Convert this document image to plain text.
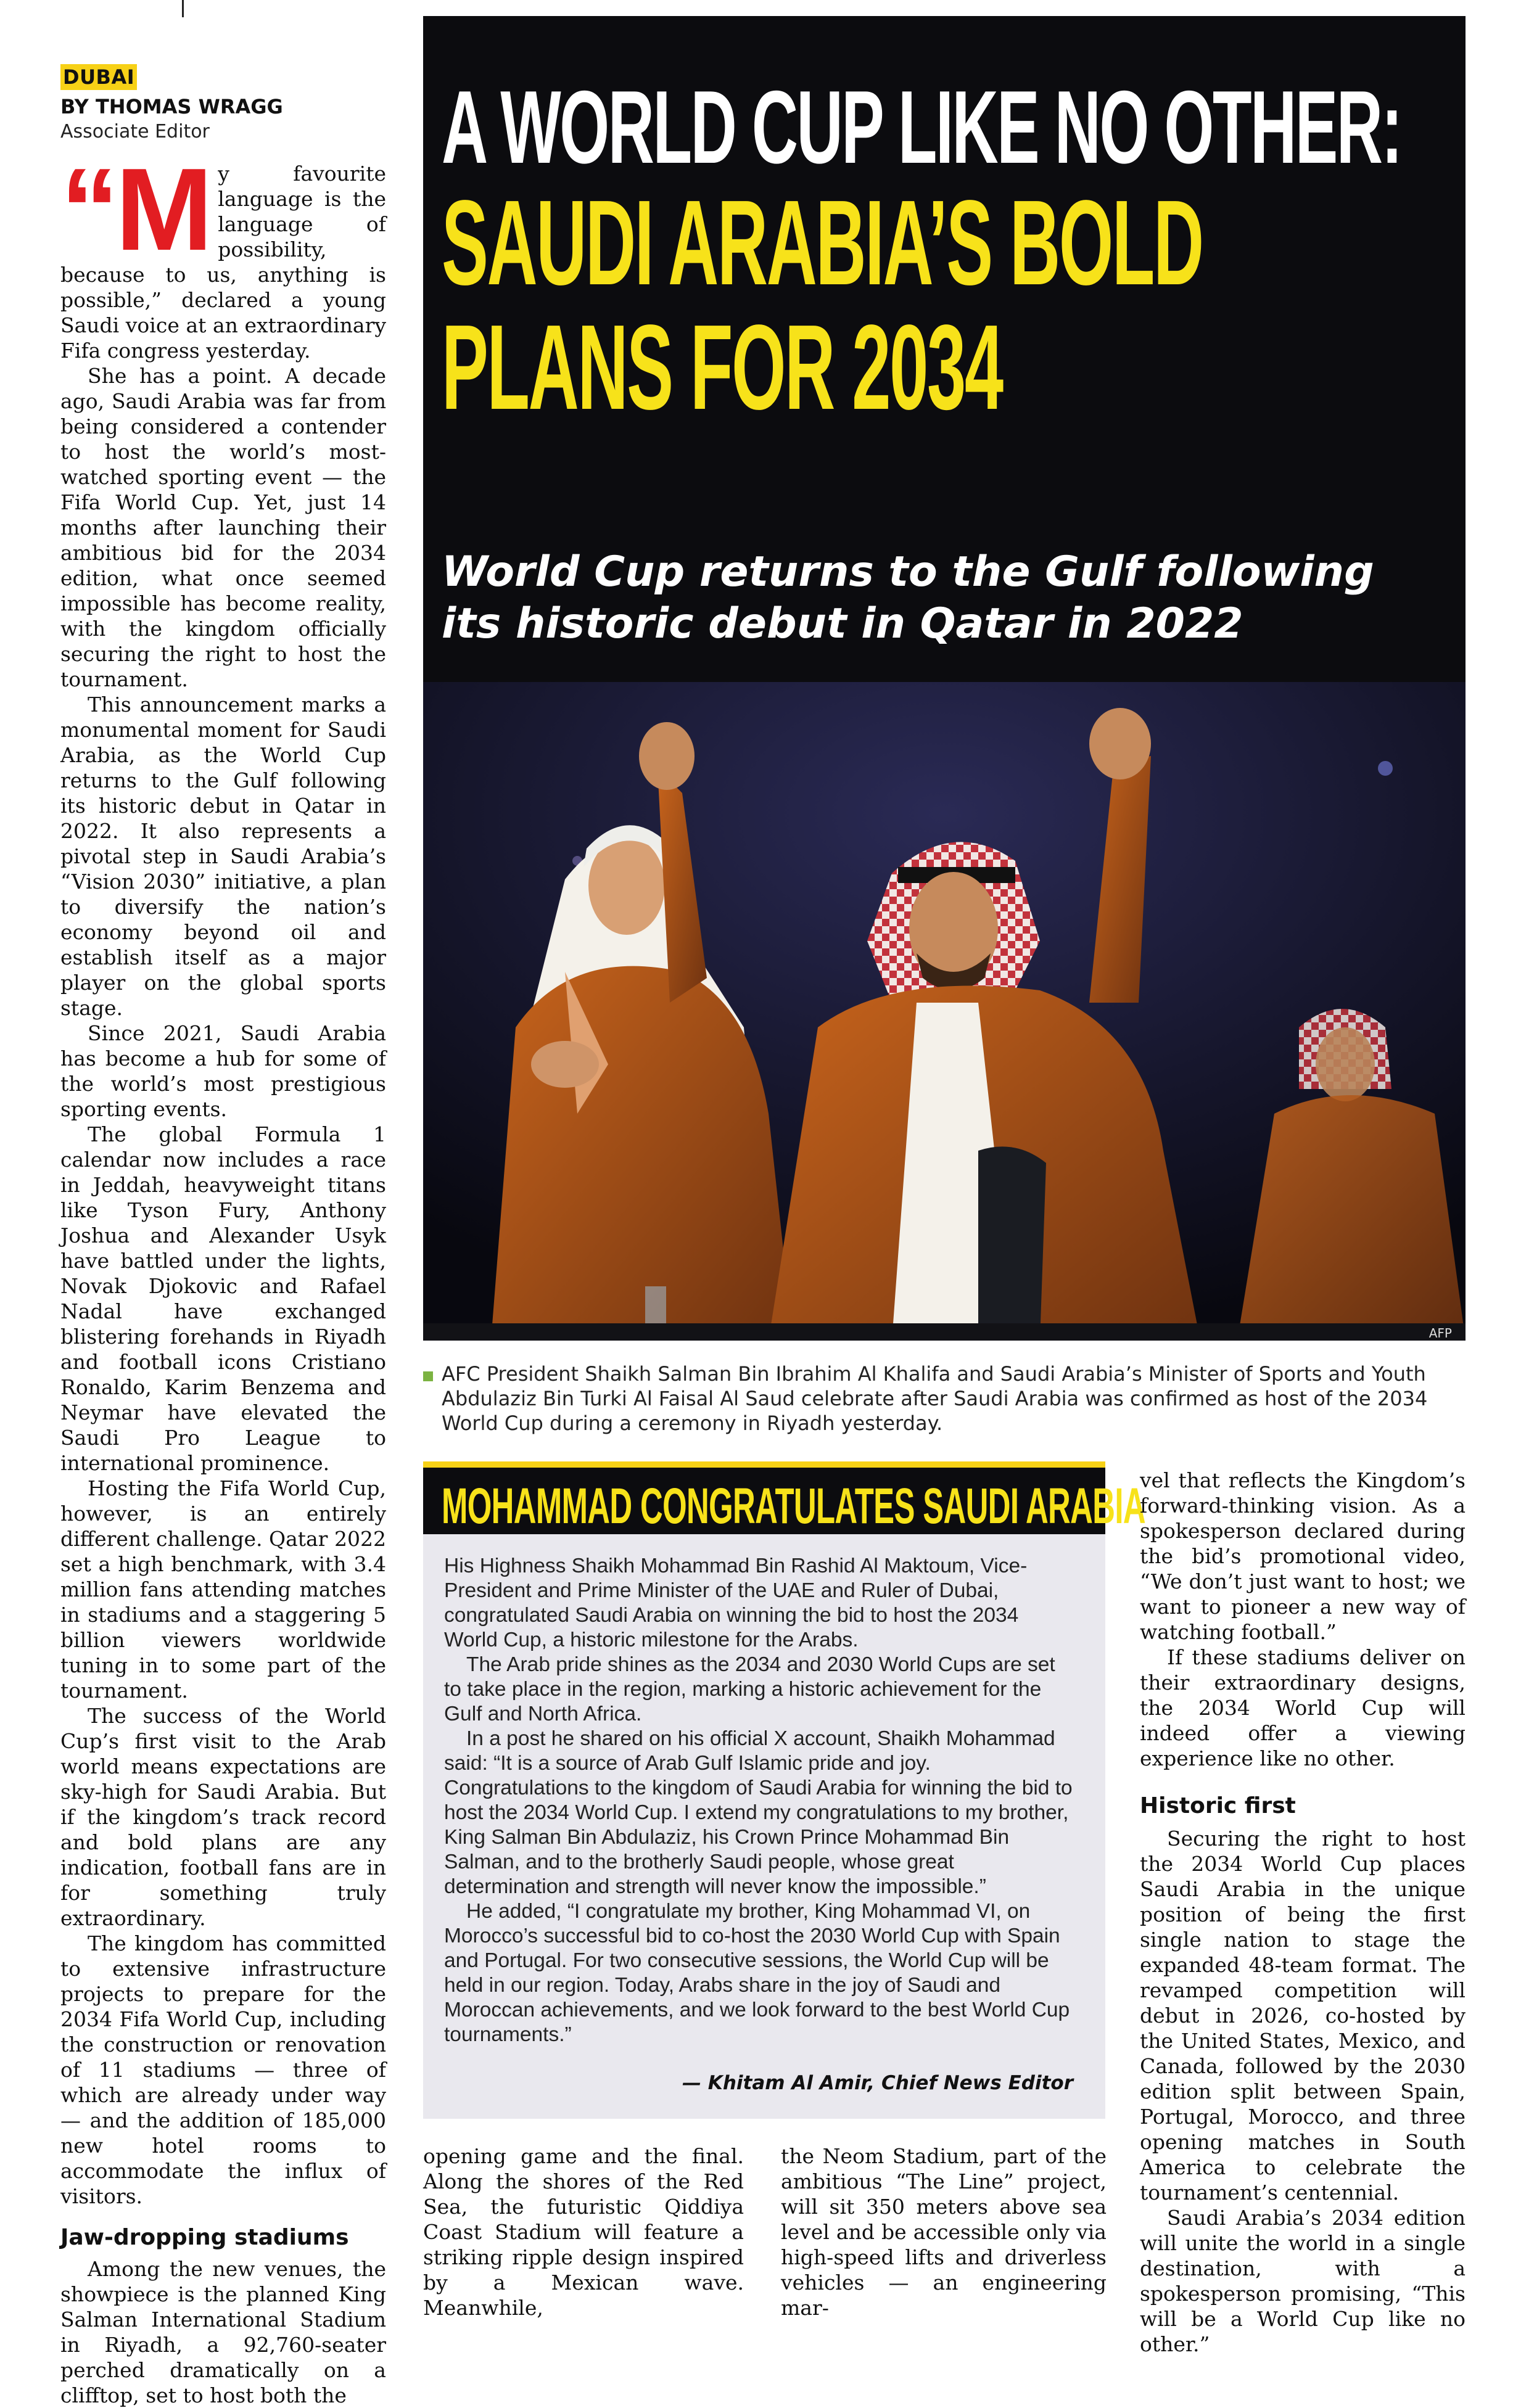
DUBAI
BY THOMAS WRAGG
Associate Editor
“M y favourite language is the language of possibility, because to us, anything is possible,” declared a young Saudi voice at an extraordinary Fifa congress yesterday.

She has a point. A decade ago, Saudi Arabia was far from being considered a contender to host the world’s most-watched sporting event — the Fifa World Cup. Yet, just 14 months after launching their ambitious bid for the 2034 edition, what once seemed impossible has become reality, with the kingdom officially securing the right to host the tournament.

This announcement marks a monumental moment for Saudi Arabia, as the World Cup returns to the Gulf following its historic debut in Qatar in 2022. It also represents a pivotal step in Saudi Arabia’s “Vision 2030” initiative, a plan to diversify the nation’s economy beyond oil and establish itself as a major player on the global sports stage.

Since 2021, Saudi Arabia has become a hub for some of the world’s most prestigious sporting events.

The global Formula 1 calendar now includes a race in Jeddah, heavyweight titans like Tyson Fury, Anthony Joshua and Alexander Usyk have battled under the lights, Novak Djokovic and Rafael Nadal have exchanged blistering forehands in Riyadh and football icons Cristiano Ronaldo, Karim Benzema and Neymar have elevated the Saudi Pro League to international prominence.

Hosting the Fifa World Cup, however, is an entirely different challenge. Qatar 2022 set a high benchmark, with 3.4 million fans attending matches in stadiums and a staggering 5 billion viewers worldwide tuning in to some part of the tournament.

The success of the World Cup’s first visit to the Arab world means expectations are sky-high for Saudi Arabia. But if the kingdom’s track record and bold plans are any indication, football fans are in for something truly extraordinary.

The kingdom has committed to extensive infrastructure projects to prepare for the 2034 Fifa World Cup, including the construction or renovation of 11 stadiums — three of which are already under way — and the addition of 185,000 new hotel rooms to accommodate the influx of visitors.

Jaw-dropping stadiums

Among the new venues, the showpiece is the planned King Salman International Stadium in Riyadh, a 92,760-seater perched dramatically on a clifftop, set to host both the

A WORLD CUP LIKE NO OTHER:
SAUDI ARABIA’S BOLD
PLANS FOR 2034

World Cup returns to the Gulf following
its historic debut in Qatar in 2022

AFP
AFC President Shaikh Salman Bin Ibrahim Al Khalifa and Saudi Arabia’s Minister of Sports and Youth Abdulaziz Bin Turki Al Faisal Al Saud celebrate after Saudi Arabia was confirmed as host of the 2034 World Cup during a ceremony in Riyadh yesterday.
MOHAMMAD CONGRATULATES SAUDI ARABIA

His Highness Shaikh Mohammad Bin Rashid Al Maktoum, Vice-President and Prime Minister of the UAE and Ruler of Dubai, congratulated Saudi Arabia on winning the bid to host the 2034 World Cup, a historic milestone for the Arabs.

The Arab pride shines as the 2034 and 2030 World Cups are set to take place in the region, marking a historic achievement for the Gulf and North Africa.

In a post he shared on his official X account, Shaikh Mohammad said: “It is a source of Arab Gulf Islamic pride and joy. Congratulations to the kingdom of Saudi Arabia for winning the bid to host the 2034 World Cup. I extend my congratulations to my brother, King Salman Bin Abdulaziz, his Crown Prince Mohammad Bin Salman, and to the brotherly Saudi people, whose great determination and strength will never know the impossible.”

He added, “I congratulate my brother, King Mohammad VI, on Morocco’s successful bid to co-host the 2030 World Cup with Spain and Portugal. For two consecutive sessions, the World Cup will be held in our region. Today, Arabs share in the joy of Saudi and Moroccan achievements, and we look forward to the best World Cup tournaments.”

— Khitam Al Amir, Chief News Editor

vel that reflects the Kingdom’s forward-thinking vision. As a spokesperson declared during the bid’s promotional video, “We don’t just want to host; we want to pioneer a new way of watching football.”

If these stadiums deliver on their extraordinary designs, the 2034 World Cup will indeed offer a viewing experience like no other.

Historic first

Securing the right to host the 2034 World Cup places Saudi Arabia in the unique position of being the first single nation to stage the expanded 48-team format. The revamped competition will debut in 2026, co-hosted by the United States, Mexico, and Canada, followed by the 2030 edition split between Spain, Portugal, Morocco, and three opening matches in South America to celebrate the tournament’s centennial.

Saudi Arabia’s 2034 edition will unite the world in a single destination, with a spokesperson promising, “This will be a World Cup like no other.”

opening game and the final. Along the shores of the Red Sea, the futuristic Qiddiya Coast Stadium will feature a striking ripple design inspired by a Mexican wave. Meanwhile,

the Neom Stadium, part of the ambitious “The Line” project, will sit 350 meters above sea level and be accessible only via high-speed lifts and driverless vehicles — an engineering mar-
